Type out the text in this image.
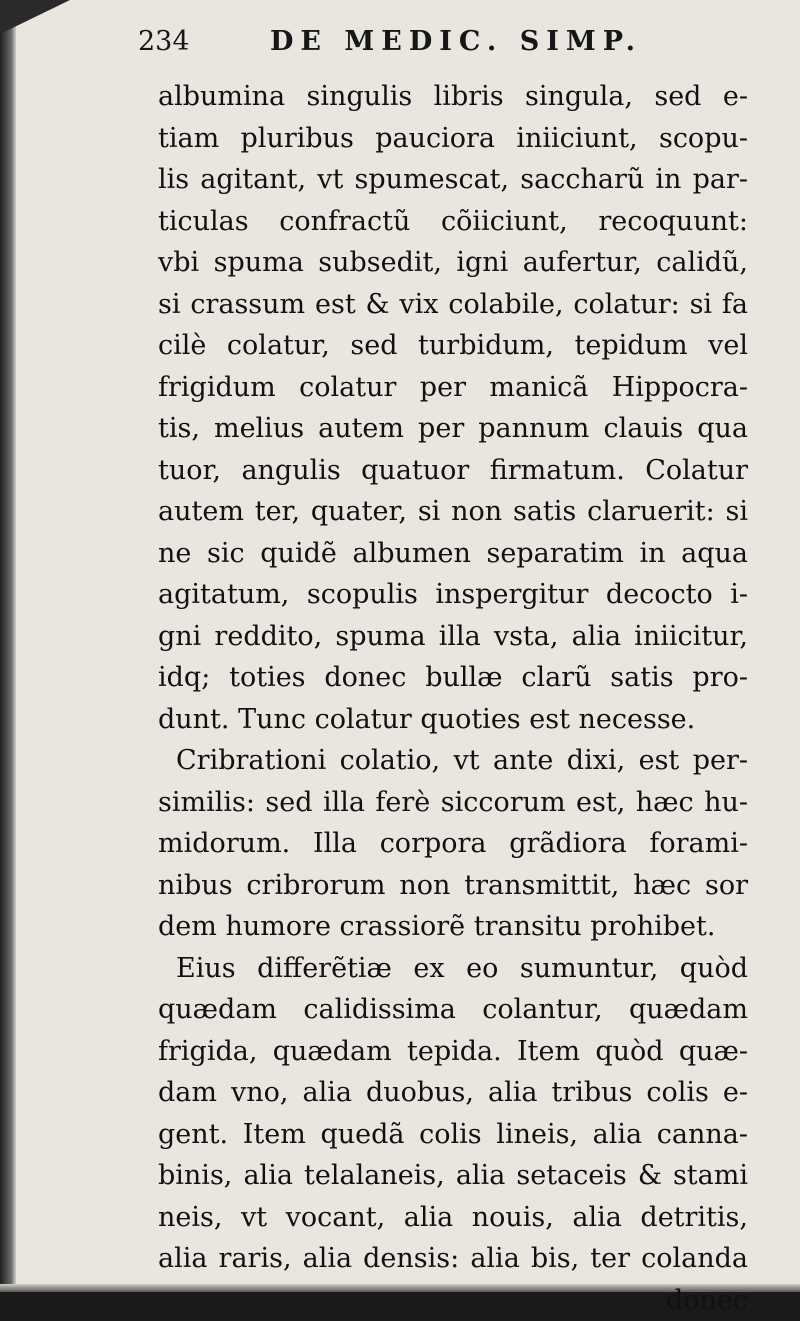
234	DE MEDIC. SIMP.
albumina singulis libris singula, sed e-
tiam pluribus pauciora iniiciunt, scopu-
lis agitant, vt spumescat, saccharũ in par-
ticulas confractũ cõiiciunt, recoquunt:
vbi spuma subsedit, igni aufertur, calidũ,
si crassum est & vix colabile, colatur: si fa
cilè colatur, sed turbidum, tepidum vel
frigidum colatur per manicã Hippocra-
tis, melius autem per pannum clauis qua
tuor, angulis quatuor firmatum. Colatur
autem ter, quater, si non satis claruerit: si
ne sic quidẽ albumen separatim in aqua
agitatum, scopulis inspergitur decocto i-
gni reddito, spuma illa vsta, alia iniicitur,
idq; toties donec bullæ clarũ satis pro-
dunt. Tunc colatur quoties est necesse.
Cribrationi colatio, vt ante dixi, est per-
similis: sed illa ferè siccorum est, hæc hu-
midorum. Illa corpora grãdiora forami-
nibus cribrorum non transmittit, hæc sor
dem humore crassiorẽ transitu prohibet.
Eius differẽtiæ ex eo sumuntur, quòd
quædam calidissima colantur, quædam
frigida, quædam tepida. Item quòd quæ-
dam vno, alia duobus, alia tribus colis e-
gent. Item quedã colis lineis, alia canna-
binis, alia telalaneis, alia setaceis & stami
neis, vt vocant, alia nouis, alia detritis,
alia raris, alia densis: alia bis, ter colanda
donec
